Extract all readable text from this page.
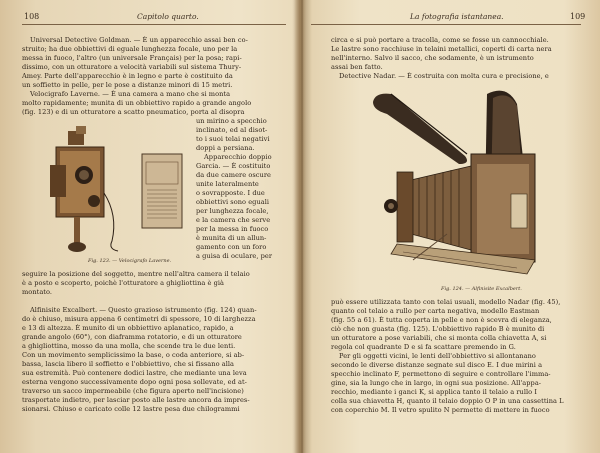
108	Capitolo quarto.
Universal Detective Goldman. — È un apparecchio assai ben co-
struito; ha due obbiettivi di eguale lunghezza focale, uno per la
messa in fuoco, l'altro (un universale Français) per la posa; rapi-
dissimo, con un otturatore a velocità variabili sul sistema Thury-
Amey. Parte dell'apparecchio è in legno e parte è costituito da
un soffietto in pelle, per le pose a distanze minori di 15 metri.
Velocigrafo Laverne. — È una camera a mano che si monta
molto rapidamente; munita di un obbiettivo rapido a grande angolo
(fig. 123) e di un otturatore a scatto pneumatico, porta al disopra
un mirino a specchio
inclinato, ed al disot-
to i suoi telai negativi
doppi a persiana.
Apparecchio doppio
Garcia. — È costituito
da due camere oscure
unite lateralmente
o sovrapposte. I due
obbiettivi sono eguali
per lunghezza focale,
e la camera che serve
per la messa in fuoco
è munita di un allun-
gamento con un foro
a guisa di oculare, per
seguire la posizione del soggetto, mentre nell'altra camera il telaio
è a posto e scoperto, poichè l'otturatore a ghigliottina è già
montato.
Alfinisite Excalbert. — Questo grazioso istrumento (fig. 124) quan-
do è chiuso, misura appena 6 centimetri di spessore, 10 di larghezza
e 13 di altezza. È munito di un obbiettivo aplanatico, rapido, a
grande angolo (60°), con diaframma rotatorio, e di un otturatore
a ghigliottina, mosso da una molla, che scende tra le due lenti.
Con un movimento semplicissimo la base, o coda anteriore, si ab-
bassa, lascia libero il soffietto e l'obbiettivo, che si fissano alla
sua estremità. Può contenere dodici lastre, che mediante una leva
esterna vengono successivamente dopo ogni posa sollevate, ed at-
traverso un sacco impermeabile (che figura aperto nell'incisione)
trasportate indietro, per lasciar posto alle lastre ancora da impres-
sionarsi. Chiuso e caricato colle 12 lastre pesa due chilogrammi
Fig. 123. — Velocigrafo Laverne.
La fotografia istantanea.	109
circa e si può portare a tracolla, come se fosse un cannocchiale.
Le lastre sono racchiuse in telaini metallici, coperti di carta nera
nell'interno. Salvo il sacco, che sodamente, è un istrumento
assai ben fatto.
Detective Nadar. — È costruita con molta cura e precisione, e
può essere utilizzata tanto con telai usuali, modello Nadar (fig. 45),
quanto col telaio a rullo per carta negativa, modello Eastman
(fig. 55 a 61). È tutta coperta in pelle e non è scevra di eleganza,
ciò che non guasta (fig. 125). L'obbiettivo rapido B è munito di
un otturatore a pose variabili, che si monta colla chiavetta A, si
regola col quadrante D e si fa scattare premendo in G.
Per gli oggetti vicini, le lenti dell'obbiettivo si allontanano
secondo le diverse distanze segnate sul disco E. I due mirini a
specchio inclinato F, permettono di seguire e controllare l'imma-
gine, sia la lungo che in largo, in ogni sua posizione. All'appa-
recchio, mediante i ganci K, si applica tanto il telaio a rullo I
colla sua chiavetta H, quanto il telaio doppio O P in una cassettina L
con coperchio M. Il vetro spulito N permette di mettere in fuoco
Fig. 124. — Alfinisite Excalbert.
